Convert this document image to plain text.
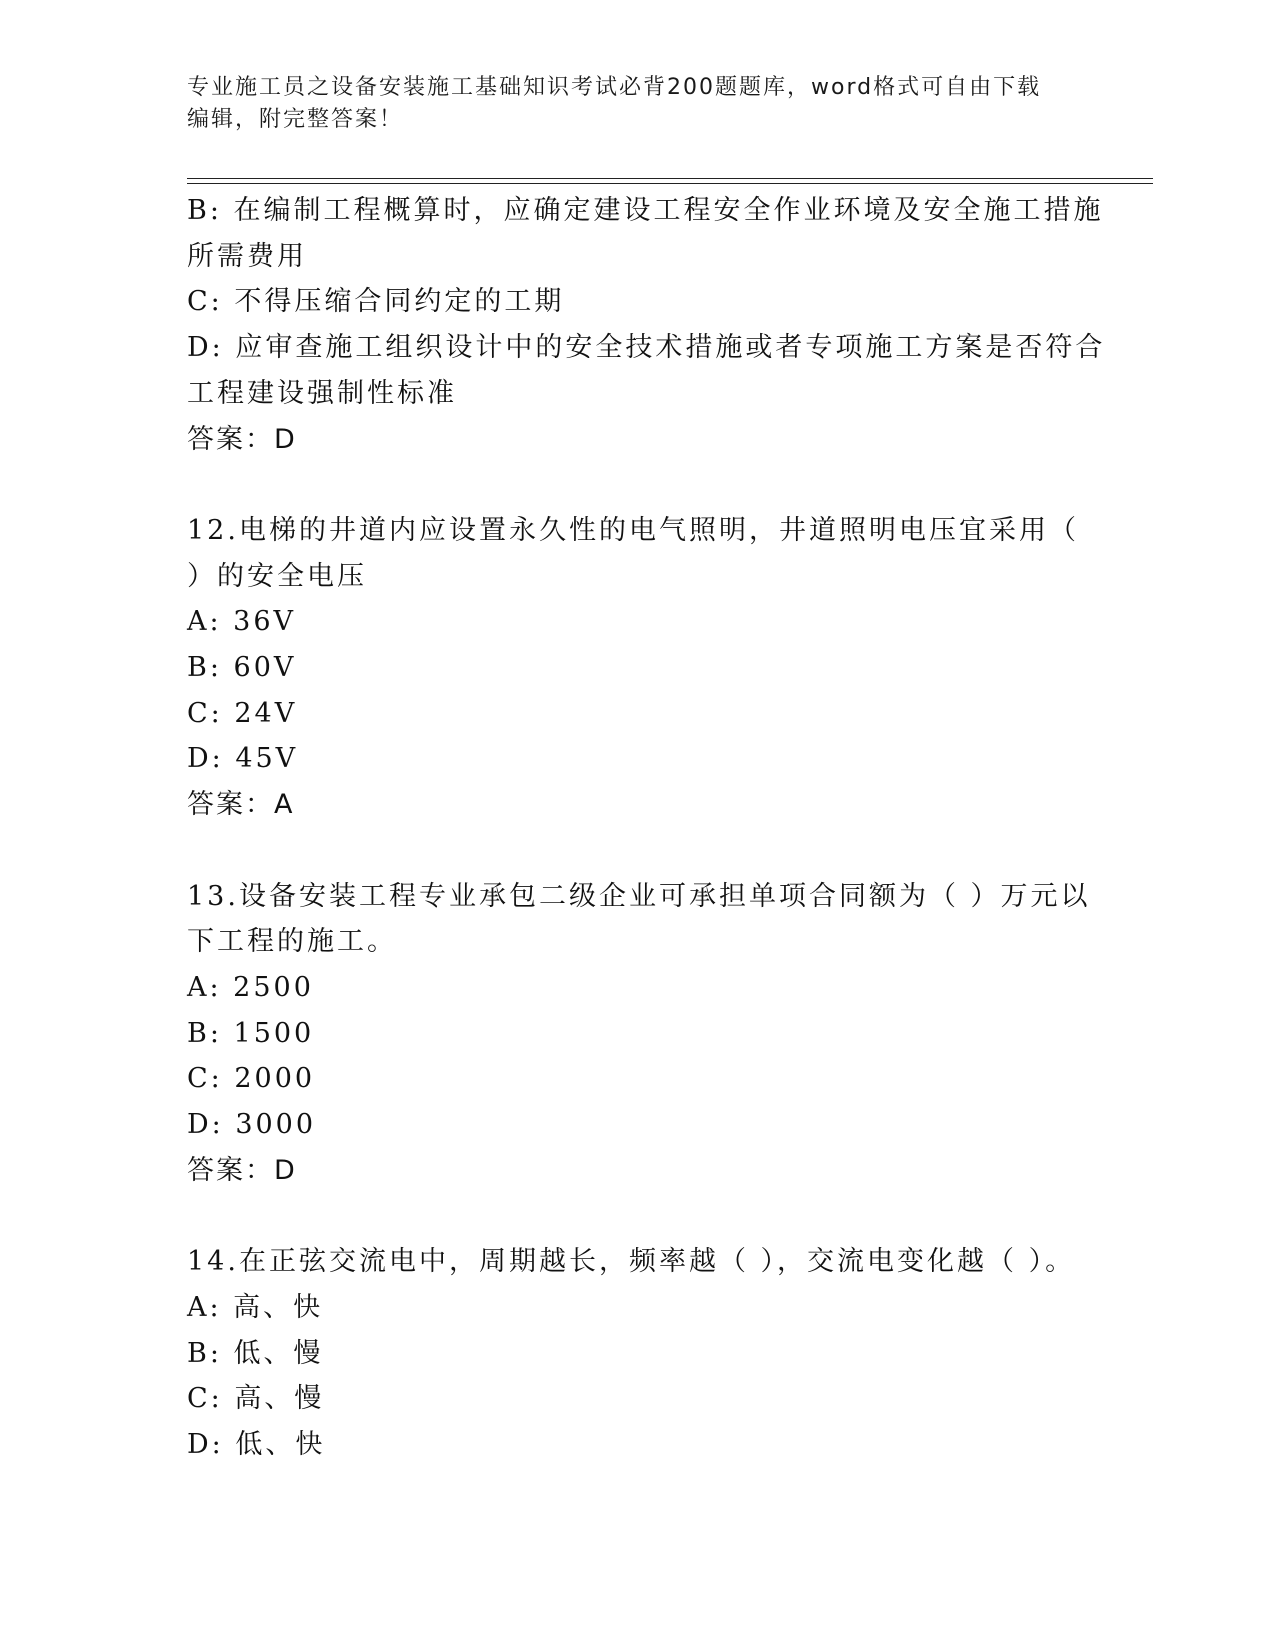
专业施工员之设备安装施工基础知识考试必背200题题库，word格式可自由下载
编辑，附完整答案！
B: 在编制工程概算时，应确定建设工程安全作业环境及安全施工措施
所需费用
C: 不得压缩合同约定的工期
D: 应审查施工组织设计中的安全技术措施或者专项施工方案是否符合
工程建设强制性标准
答案：D
12.电梯的井道内应设置永久性的电气照明，井道照明电压宜采用（
）的安全电压
A: 36V
B: 60V
C: 24V
D: 45V
答案：A
13.设备安装工程专业承包二级企业可承担单项合同额为（ ）万元以
下工程的施工。
A: 2500
B: 1500
C: 2000
D: 3000
答案：D
14.在正弦交流电中，周期越长，频率越（ ），交流电变化越（ ）。
A: 高、快
B: 低、慢
C: 高、慢
D: 低、快
